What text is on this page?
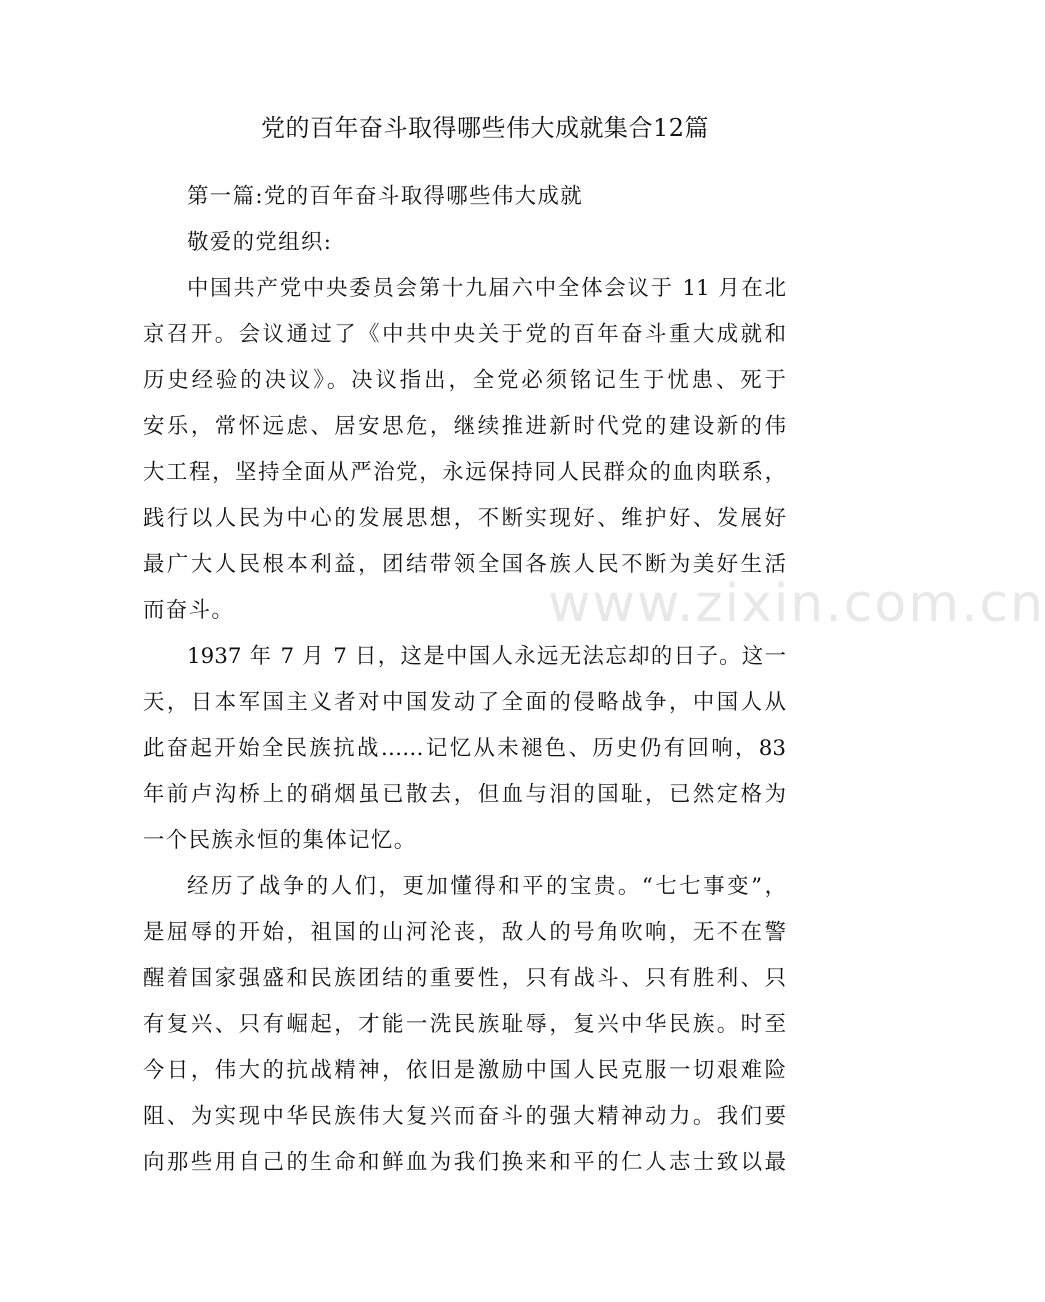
www.zixin.com.cn
党的百年奋斗取得哪些伟大成就集合12篇
第一篇:党的百年奋斗取得哪些伟大成就
敬爱的党组织:
中国共产党中央委员会第十九届六中全体会议于 11 月在北
京召开。会议通过了《中共中央关于党的百年奋斗重大成就和
历史经验的决议》。决议指出，全党必须铭记生于忧患、死于
安乐，常怀远虑、居安思危，继续推进新时代党的建设新的伟
大工程，坚持全面从严治党，永远保持同人民群众的血肉联系，
践行以人民为中心的发展思想，不断实现好、维护好、发展好
最广大人民根本利益，团结带领全国各族人民不断为美好生活
而奋斗。
1937 年 7 月 7 日，这是中国人永远无法忘却的日子。这一
天，日本军国主义者对中国发动了全面的侵略战争，中国人从
此奋起开始全民族抗战……记忆从未褪色、历史仍有回响，83
年前卢沟桥上的硝烟虽已散去，但血与泪的国耻，已然定格为
一个民族永恒的集体记忆。
经历了战争的人们，更加懂得和平的宝贵。“七七事变”，
是屈辱的开始，祖国的山河沦丧，敌人的号角吹响，无不在警
醒着国家强盛和民族团结的重要性，只有战斗、只有胜利、只
有复兴、只有崛起，才能一洗民族耻辱，复兴中华民族。时至
今日，伟大的抗战精神，依旧是激励中国人民克服一切艰难险
阻、为实现中华民族伟大复兴而奋斗的强大精神动力。我们要
向那些用自己的生命和鲜血为我们换来和平的仁人志士致以最
